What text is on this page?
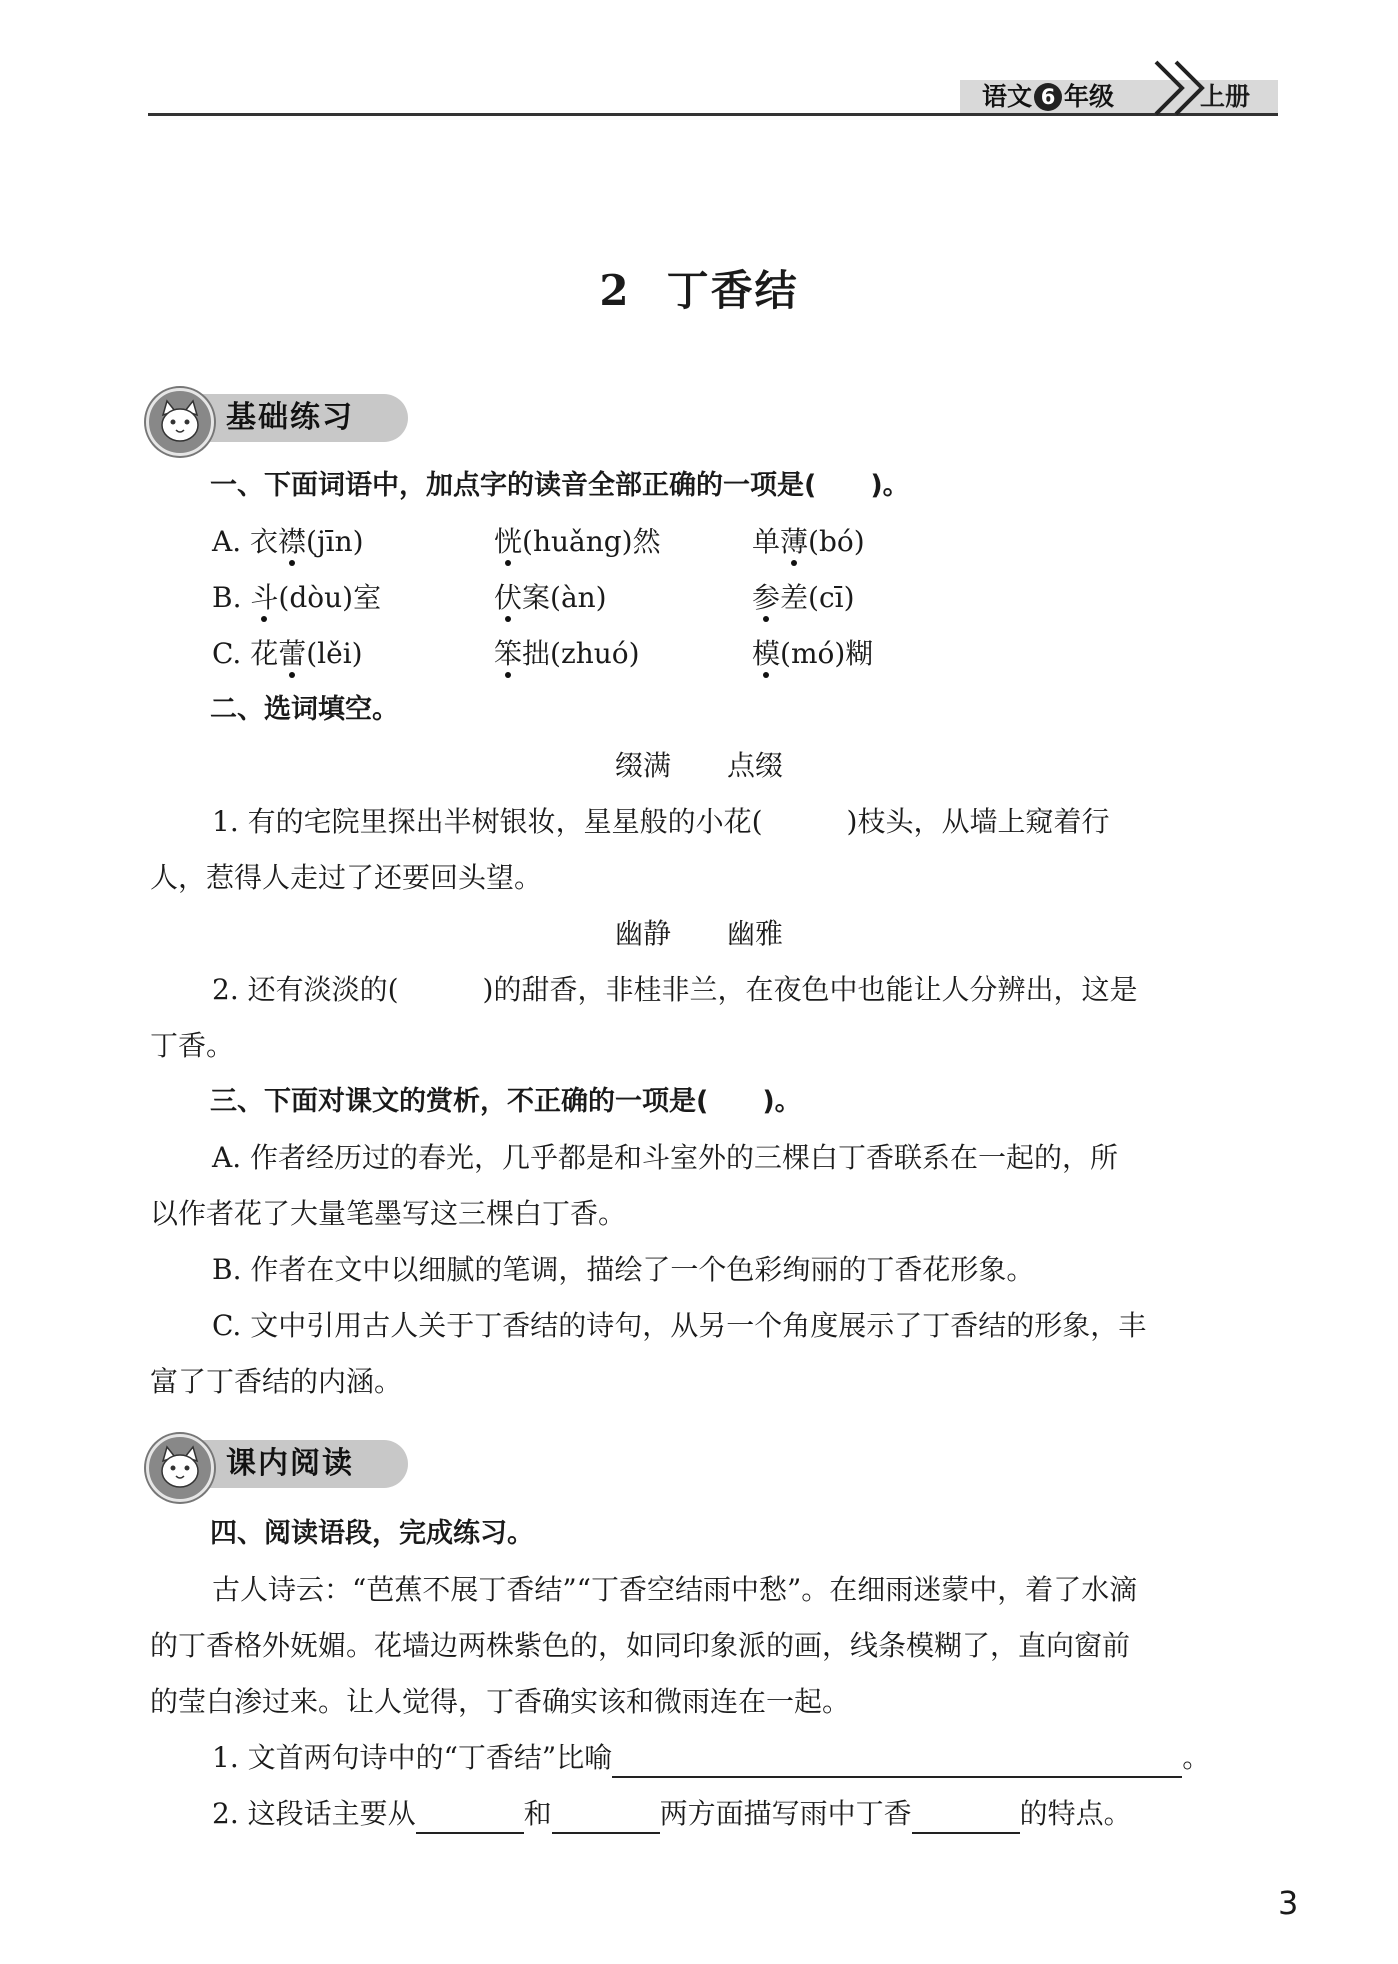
语文 6 年级	上册
2 丁香结
基础练习
一、下面词语中，加点字的读音全部正确的一项是(　　)。
A. 衣襟(jīn)	恍(huǎng)然	单薄(bó)
B. 斗(dòu)室	伏案(àn)	参差(cī)
C. 花蕾(lěi)	笨拙(zhuó)	模(mó)糊
二、选词填空。
缀满　　点缀
1. 有的宅院里探出半树银妆，星星般的小花(　　　)枝头，从墙上窥着行
人，惹得人走过了还要回头望。
幽静　　幽雅
2. 还有淡淡的(　　　)的甜香，非桂非兰，在夜色中也能让人分辨出，这是
丁香。
三、下面对课文的赏析，不正确的一项是(　　)。
A. 作者经历过的春光，几乎都是和斗室外的三棵白丁香联系在一起的，所
以作者花了大量笔墨写这三棵白丁香。
B. 作者在文中以细腻的笔调，描绘了一个色彩绚丽的丁香花形象。
C. 文中引用古人关于丁香结的诗句，从另一个角度展示了丁香结的形象，丰
富了丁香结的内涵。
课内阅读
四、阅读语段，完成练习。
古人诗云：“芭蕉不展丁香结”“丁香空结雨中愁”。在细雨迷蒙中，着了水滴
的丁香格外妩媚。花墙边两株紫色的，如同印象派的画，线条模糊了，直向窗前
的莹白渗过来。让人觉得，丁香确实该和微雨连在一起。
1. 文首两句诗中的“丁香结”比喻	。
2. 这段话主要从	和	两方面描写雨中丁香	的特点。
3
